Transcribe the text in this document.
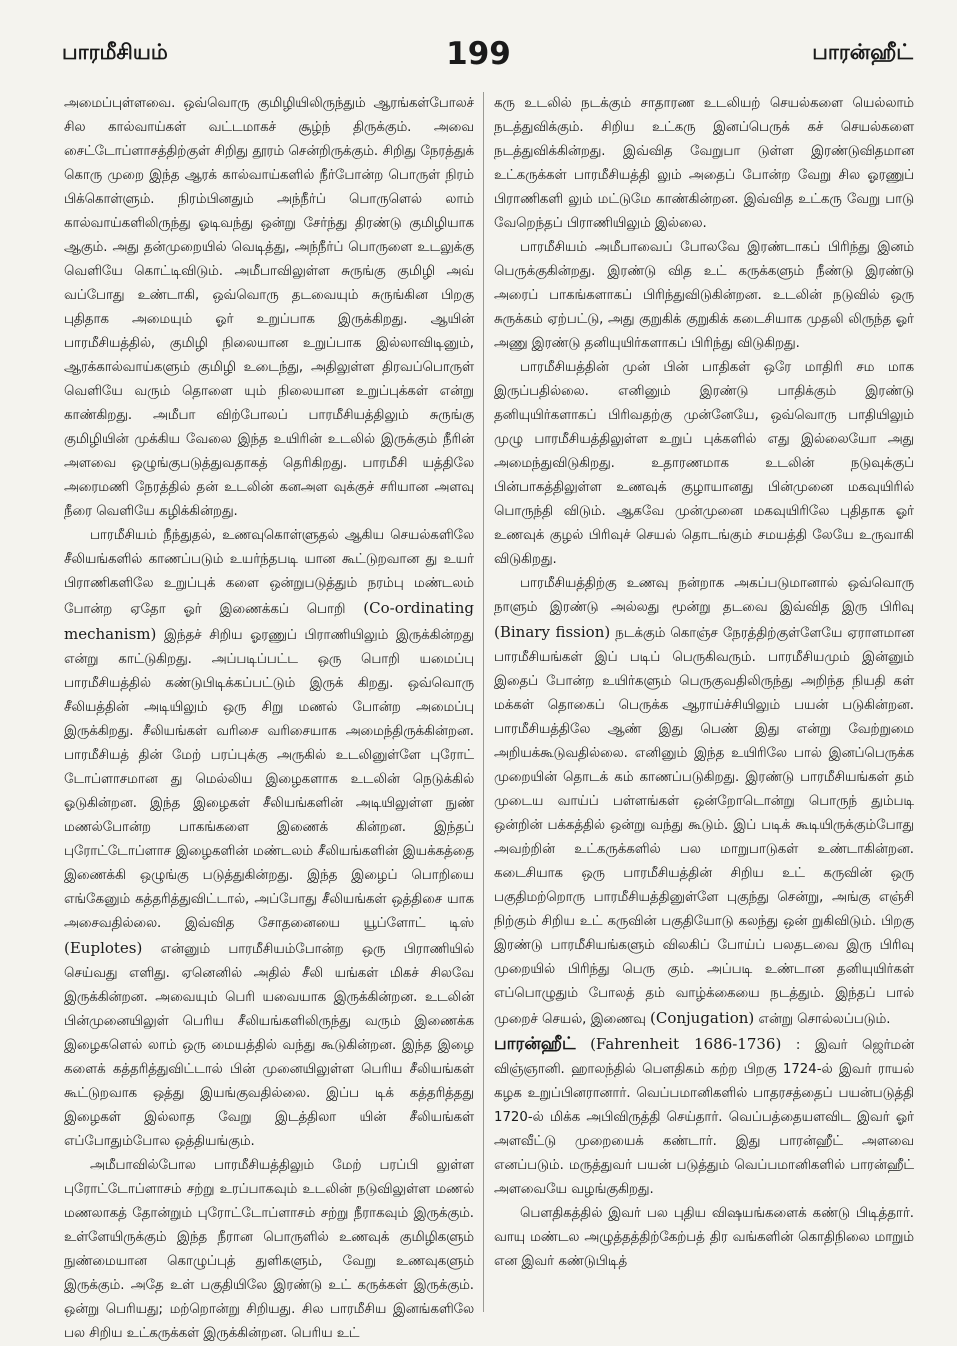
பாரமீசியம்	199	பாரன்ஹீட்

அமைப்புள்ளவை. ஒவ்வொரு குமிழியிலிருந்தும் ஆரங்கள்போலச் சில கால்வாய்கள் வட்டமாகச் சூழ்ந் திருக்கும். அவை சைட்டோப்ளாசத்திற்குள் சிறிது தூரம் சென்றிருக்கும். சிறிது நேரத்துக் கொரு முறை இந்த ஆரக் கால்வாய்களில் நீர்போன்ற பொருள் நிரம் பிக்கொள்ளும். நிரம்பினதும் அந்நீர்ப் பொருளெல் லாம் கால்வாய்களிலிருந்து ஓடிவந்து ஒன்று சேர்ந்து திரண்டு குமிழியாக ஆகும். அது தன்முறையில் வெடித்து, அந்நீர்ப் பொருளை உடலுக்கு வெளியே கொட்டிவிடும். அமீபாவிலுள்ள சுருங்கு குமிழி அவ் வப்போது உண்டாகி, ஒவ்வொரு தடவையும் சுருங்கின பிறகு புதிதாக அமையும் ஓர் உறுப்பாக இருக்கிறது. ஆயின் பாரமீசியத்தில், குமிழி நிலையான உறுப்பாக இல்லாவிடினும், ஆரக்கால்வாய்களும் குமிழி உடைந்து, அதிலுள்ள திரவப்பொருள் வெளியே வரும் தொளை யும் நிலையான உறுப்புக்கள் என்று காண்கிறது. அமீபா விற்போலப் பாரமீசியத்திலும் சுருங்கு குமிழியின் முக்கிய வேலை இந்த உயிரின் உடலில் இருக்கும் நீரின் அளவை ஒழுங்குபடுத்துவதாகத் தெரிகிறது. பாரமீசி யத்திலே அரைமணி நேரத்தில் தன் உடலின் கனஅள வுக்குச் சரியான அளவு நீரை வெளியே கழிக்கின்றது.

பாரமீசியம் நீந்துதல், உணவுகொள்ளுதல் ஆகிய செயல்களிலே சீலியங்களில் காணப்படும் உயர்ந்தபடி யான கூட்டுறவான து உயர் பிராணிகளிலே உறுப்புக் களை ஒன்றுபடுத்தும் நரம்பு மண்டலம் போன்ற ஏதோ ஓர் இணைக்கப் பொறி (Co-ordinating mechanism) இந்தச் சிறிய ஓரணுப் பிராணியிலும் இருக்கின்றது என்று காட்டுகிறது. அப்படிப்பட்ட ஒரு பொறி யமைப்பு பாரமீசியத்தில் கண்டுபிடிக்கப்பட்டும் இருக் கிறது. ஒவ்வொரு சீலியத்தின் அடியிலும் ஒரு சிறு மணல் போன்ற அமைப்பு இருக்கிறது. சீலியங்கள் வரிசை வரிசையாக அமைந்திருக்கின்றன. பாரமீசியத் தின் மேற் பரப்புக்கு அருகில் உடலினுள்ளே புரோட் டோப்ளாசமான து மெல்லிய இழைகளாக உடலின் நெடுக்கில் ஓடுகின்றன. இந்த இழைகள் சீலியங்களின் அடியிலுள்ள நுண் மணல்போன்ற பாகங்களை இணைக் கின்றன. இந்தப் புரோட்டோப்ளாச இழைகளின் மண்டலம் சீலியங்களின் இயக்கத்தை இணைக்கி ஒழுங்கு படுத்துகின்றது. இந்த இழைப் பொறியை எங்கேனும் கத்தரித்துவிட்டால், அப்போது சீலியங்கள் ஒத்திசை யாக அசைவதில்லை. இவ்வித சோதனையை யூப்ளோட் டிஸ் (Euplotes) என்னும் பாரமீசியம்போன்ற ஒரு பிராணியில் செய்வது எளிது. ஏனெனில் அதில் சீலி யங்கள் மிகச் சிலவே இருக்கின்றன. அவையும் பெரி யவையாக இருக்கின்றன. உடலின் பின்முனையிலுள் பெரிய சீலியங்களிலிருந்து வரும் இணைக்க இழைகளெல் லாம் ஒரு மையத்தில் வந்து கூடுகின்றன. இந்த இழை களைக் கத்தரித்துவிட்டால் பின் முனையிலுள்ள பெரிய சீலியங்கள் கூட்டுறவாக ஒத்து இயங்குவதில்லை. இப்ப டிக் கத்தரித்தது இழைகள் இல்லாத வேறு இடத்திலா யின் சீலியங்கள் எப்போதும்போல ஒத்தியங்கும்.

அமீபாவில்போல பாரமீசியத்திலும் மேற் பரப்பி லுள்ள புரோட்டோப்ளாசம் சற்று உரப்பாகவும் உடலின் நடுவிலுள்ள மணல் மணலாகத் தோன்றும் புரோட்டோப்ளாசம் சற்று நீராகவும் இருக்கும். உள்ளேயிருக்கும் இந்த நீரான பொருளில் உணவுக் குமிழிகளும் நுண்மையான கொழுப்புத் துளிகளும், வேறு உணவுகளும் இருக்கும். அதே உள் பகுதியிலே இரண்டு உட் கருக்கள் இருக்கும். ஒன்று பெரியது; மற்றொன்று சிறியது. சில பாரமீசிய இனங்களிலே பல சிறிய உட்கருக்கள் இருக்கின்றன. பெரிய உட்

கரு உடலில் நடக்கும் சாதாரண உடலியற் செயல்களை யெல்லாம் நடத்துவிக்கும். சிறிய உட்கரு இனப்பெருக் கச் செயல்களை நடத்துவிக்கின்றது. இவ்வித வேறுபா டுள்ள இரண்டுவிதமான உட்கருக்கள் பாரமீசியத்தி லும் அதைப் போன்ற வேறு சில ஓரணுப் பிராணிகளி லும் மட்டுமே காண்கின்றன. இவ்வித உட்கரு வேறு பாடு வேறெந்தப் பிராணியிலும் இல்லை.

பாரமீசியம் அமீபாவைப் போலவே இரண்டாகப் பிரிந்து இனம் பெருக்குகின்றது. இரண்டு வித உட் கருக்களும் நீண்டு இரண்டு அரைப் பாகங்களாகப் பிரிந்துவிடுகின்றன. உடலின் நடுவில் ஒரு சுருக்கம் ஏற்பட்டு, அது குறுகிக் குறுகிக் கடைசியாக முதலி லிருந்த ஓர் அணு இரண்டு தனியுயிர்களாகப் பிரிந்து விடுகிறது.

பாரமீசியத்தின் முன் பின் பாதிகள் ஒரே மாதிரி சம மாக இருப்பதில்லை. எனினும் இரண்டு பாதிக்கும் இரண்டு தனியுயிர்களாகப் பிரிவதற்கு முன்னேயே, ஒவ்வொரு பாதியிலும் முழு பாரமீசியத்திலுள்ள உறுப் புக்களில் எது இல்லையோ அது அமைந்துவிடுகிறது. உதாரணமாக உடலின் நடுவுக்குப் பின்பாகத்திலுள்ள உணவுக் குழாயானது பின்முனை மகவுயிரில் பொருந்தி விடும். ஆகவே முன்முனை மகவுயிரிலே புதிதாக ஓர் உணவுக் குழல் பிரிவுச் செயல் தொடங்கும் சமயத்தி லேயே உருவாகி விடுகிறது.

பாரமீசியத்திற்கு உணவு நன்றாக அகப்படுமானால் ஒவ்வொரு நாளும் இரண்டு அல்லது மூன்று தடவை இவ்வித இரு பிரிவு (Binary fission) நடக்கும் கொஞ்ச நேரத்திற்குள்ளேயே ஏராளமான பாரமீசியங்கள் இப் படிப் பெருகிவரும். பாரமீசியமும் இன்னும் இதைப் போன்ற உயிர்களும் பெருகுவதிலிருந்து அறிந்த நியதி கள் மக்கள் தொகைப் பெருக்க ஆராய்ச்சியிலும் பயன் படுகின்றன. பாரமீசியத்திலே ஆண் இது பெண் இது என்று வேற்றுமை அறியக்கூடுவதில்லை. எனினும் இந்த உயிரிலே பால் இனப்பெருக்க முறையின் தொடக் கம் காணப்படுகிறது. இரண்டு பாரமீசியங்கள் தம் முடைய வாய்ப் பள்ளங்கள் ஒன்றோடொன்று பொருந் தும்படி ஒன்றின் பக்கத்தில் ஒன்று வந்து கூடும். இப் படிக் கூடியிருக்கும்போது அவற்றின் உட்கருக்களில் பல மாறுபாடுகள் உண்டாகின்றன. கடைசியாக ஒரு பாரமீசியத்தின் சிறிய உட் கருவின் ஒரு பகுதிமற்றொரு பாரமீசியத்தினுள்ளே புகுந்து சென்று, அங்கு எஞ்சி நிற்கும் சிறிய உட் கருவின் பகுதியோடு கலந்து ஒன் றுகிவிடும். பிறகு இரண்டு பாரமீசியங்களும் விலகிப் போய்ப் பலதடவை இரு பிரிவு முறையில் பிரிந்து பெரு கும். அப்படி உண்டான தனியுயிர்கள் எப்பொழுதும் போலத் தம் வாழ்க்கையை நடத்தும். இந்தப் பால் முறைச் செயல், இணைவு (Conjugation) என்று சொல்லப்படும்.

பாரன்ஹீட் (Fahrenheit 1686-1736) : இவர் ஜெர்மன் விஞ்ஞானி. ஹாலந்தில் பௌதிகம் கற்ற பிறகு 1724-ல் இவர் ராயல் கழக உறுப்பினரானார். வெப்பமானிகளில் பாதரசத்தைப் பயன்படுத்தி 1720-ல் மிக்க அபிவிருத்தி செய்தார். வெப்பத்தையளவிட இவர் ஓர் அளவீட்டு முறையைக் கண்டார். இது பாரன்ஹீட் அளவை எனப்படும். மருத்துவர் பயன் படுத்தும் வெப்பமானிகளில் பாரன்ஹீட் அளவையே வழங்குகிறது.

பௌதிகத்தில் இவர் பல புதிய விஷயங்களைக் கண்டு பிடித்தார். வாயு மண்டல அழுத்தத்திற்கேற்பத் திர வங்களின் கொதிநிலை மாறும் என இவர் கண்டுபிடித்
